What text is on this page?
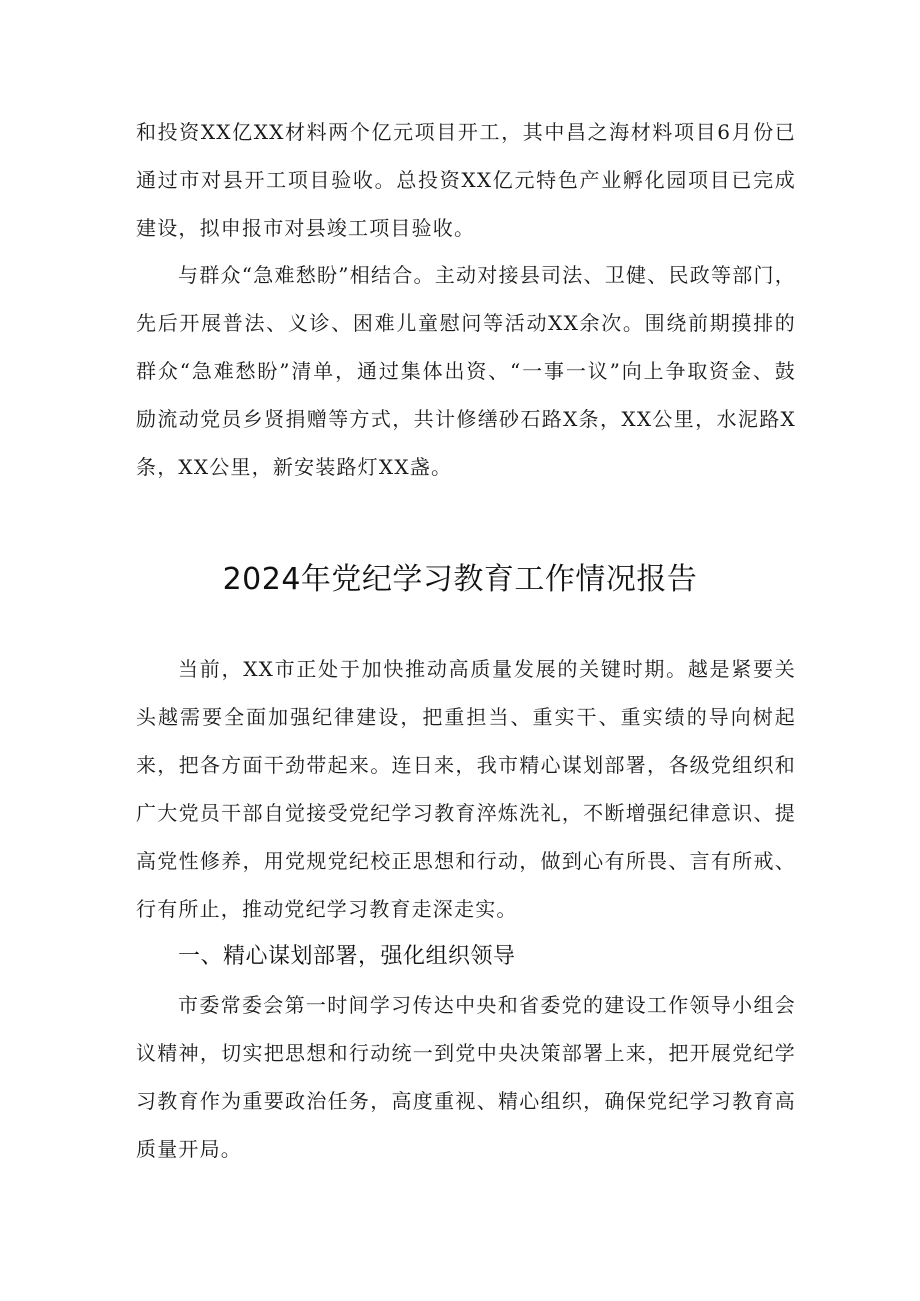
和投资XX亿XX材料两个亿元项目开工，其中昌之海材料项目6月份已通过市对县开工项目验收。总投资XX亿元特色产业孵化园项目已完成建设，拟申报市对县竣工项目验收。

与群众“急难愁盼”相结合。主动对接县司法、卫健、民政等部门，先后开展普法、义诊、困难儿童慰问等活动XX余次。围绕前期摸排的群众“急难愁盼”清单，通过集体出资、“一事一议”向上争取资金、鼓励流动党员乡贤捐赠等方式，共计修缮砂石路X条，XX公里，水泥路X条，XX公里，新安装路灯XX盏。

2024年党纪学习教育工作情况报告

当前，XX市正处于加快推动高质量发展的关键时期。越是紧要关头越需要全面加强纪律建设，把重担当、重实干、重实绩的导向树起来，把各方面干劲带起来。连日来，我市精心谋划部署，各级党组织和广大党员干部自觉接受党纪学习教育淬炼洗礼，不断增强纪律意识、提高党性修养，用党规党纪校正思想和行动，做到心有所畏、言有所戒、行有所止，推动党纪学习教育走深走实。

一、精心谋划部署，强化组织领导

市委常委会第一时间学习传达中央和省委党的建设工作领导小组会议精神，切实把思想和行动统一到党中央决策部署上来，把开展党纪学习教育作为重要政治任务，高度重视、精心组织，确保党纪学习教育高质量开局。
